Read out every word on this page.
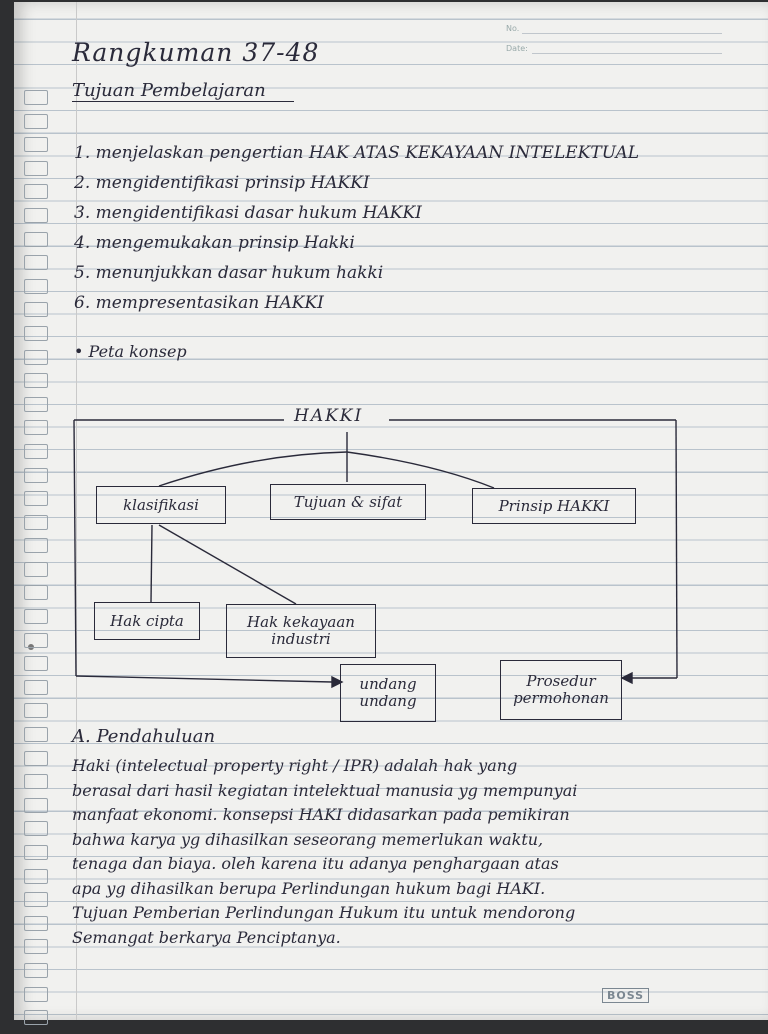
No.
Date:
Rangkuman 37-48
Tujuan Pembelajaran
1. menjelaskan pengertian HAK ATAS KEKAYAAN INTELEKTUAL
2. mengidentifikasi prinsip HAKKI
3. mengidentifikasi dasar hukum HAKKI
4. mengemukakan prinsip Hakki
5. menunjukkan dasar hukum hakki
6. mempresentasikan HAKKI
• Peta konsep
HAKKI
klasifikasi	Tujuan & sifat	Prinsip HAKKI
Hak cipta	Hak kekayaan industri
undang undang
Prosedur permohonan
A. Pendahuluan
Haki (intelectual property right / IPR) adalah hak yang
berasal dari hasil kegiatan intelektual manusia yg mempunyai
manfaat ekonomi. konsepsi HAKI didasarkan pada pemikiran
bahwa karya yg dihasilkan seseorang memerlukan waktu,
tenaga dan biaya. oleh karena itu adanya penghargaan atas
apa yg dihasilkan berupa Perlindungan hukum bagi HAKI.
Tujuan Pemberian Perlindungan Hukum itu untuk mendorong
Semangat berkarya Penciptanya.
BOSS
